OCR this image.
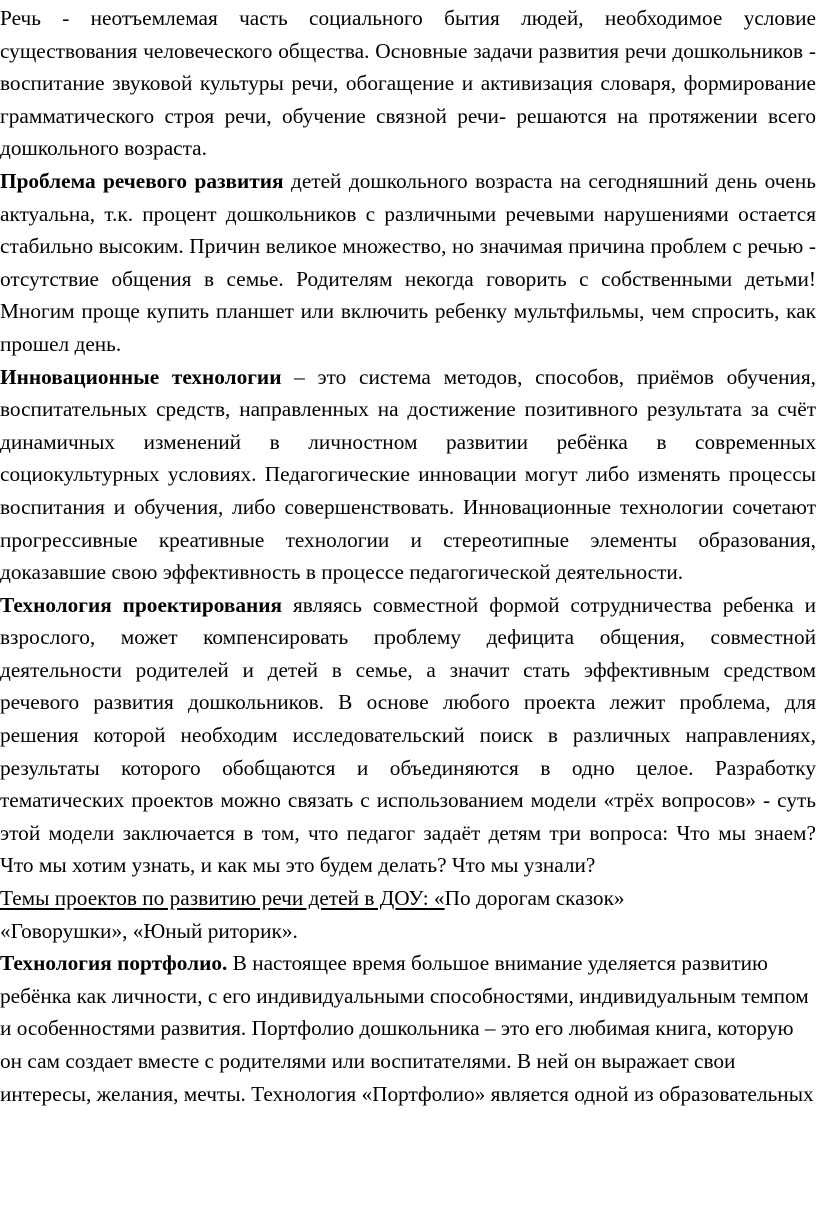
Речь - неотъемлемая часть социального бытия людей, необходимое условие существования человеческого общества. Основные задачи развития речи дошкольников - воспитание звуковой культуры речи, обогащение и активизация словаря, формирование грамматического строя речи, обучение связной речи- решаются на протяжении всего дошкольного возраста.

Проблема речевого развития детей дошкольного возраста на сегодняшний день очень актуальна, т.к. процент дошкольников с различными речевыми нарушениями остается стабильно высоким. Причин великое множество, но значимая причина проблем с речью - отсутствие общения в семье. Родителям некогда говорить с собственными детьми! Многим проще купить планшет или включить ребенку мультфильмы, чем спросить, как прошел день.

Инновационные технологии – это система методов, способов, приёмов обучения, воспитательных средств, направленных на достижение позитивного результата за счёт динамичных изменений в личностном развитии ребёнка в современных социокультурных условиях. Педагогические инновации могут либо изменять процессы воспитания и обучения, либо совершенствовать. Инновационные технологии сочетают прогрессивные креативные технологии и стереотипные элементы образования, доказавшие свою эффективность в процессе педагогической деятельности.

Технология проектирования являясь совместной формой сотрудничества ребенка и взрослого, может компенсировать проблему дефицита общения, совместной деятельности родителей и детей в семье, а значит стать эффективным средством речевого развития дошкольников. В основе любого проекта лежит проблема, для решения которой необходим исследовательский поиск в различных направлениях, результаты которого обобщаются и объединяются в одно целое. Разработку тематических проектов можно связать с использованием модели «трёх вопросов» - суть этой модели заключается в том, что педагог задаёт детям три вопроса: Что мы знаем? Что мы хотим узнать, и как мы это будем делать? Что мы узнали?

Темы проектов по развитию речи детей в ДОУ: «По дорогам сказок»
«Говорушки», «Юный риторик».

Технология портфолио. В настоящее время большое внимание уделяется развитию ребёнка как личности, с его индивидуальными способностями, индивидуальным темпом и особенностями развития. Портфолио дошкольника – это его любимая книга, которую он сам создает вместе с родителями или воспитателями. В ней он выражает свои интересы, желания, мечты. Технология «Портфолио» является одной из образовательных
